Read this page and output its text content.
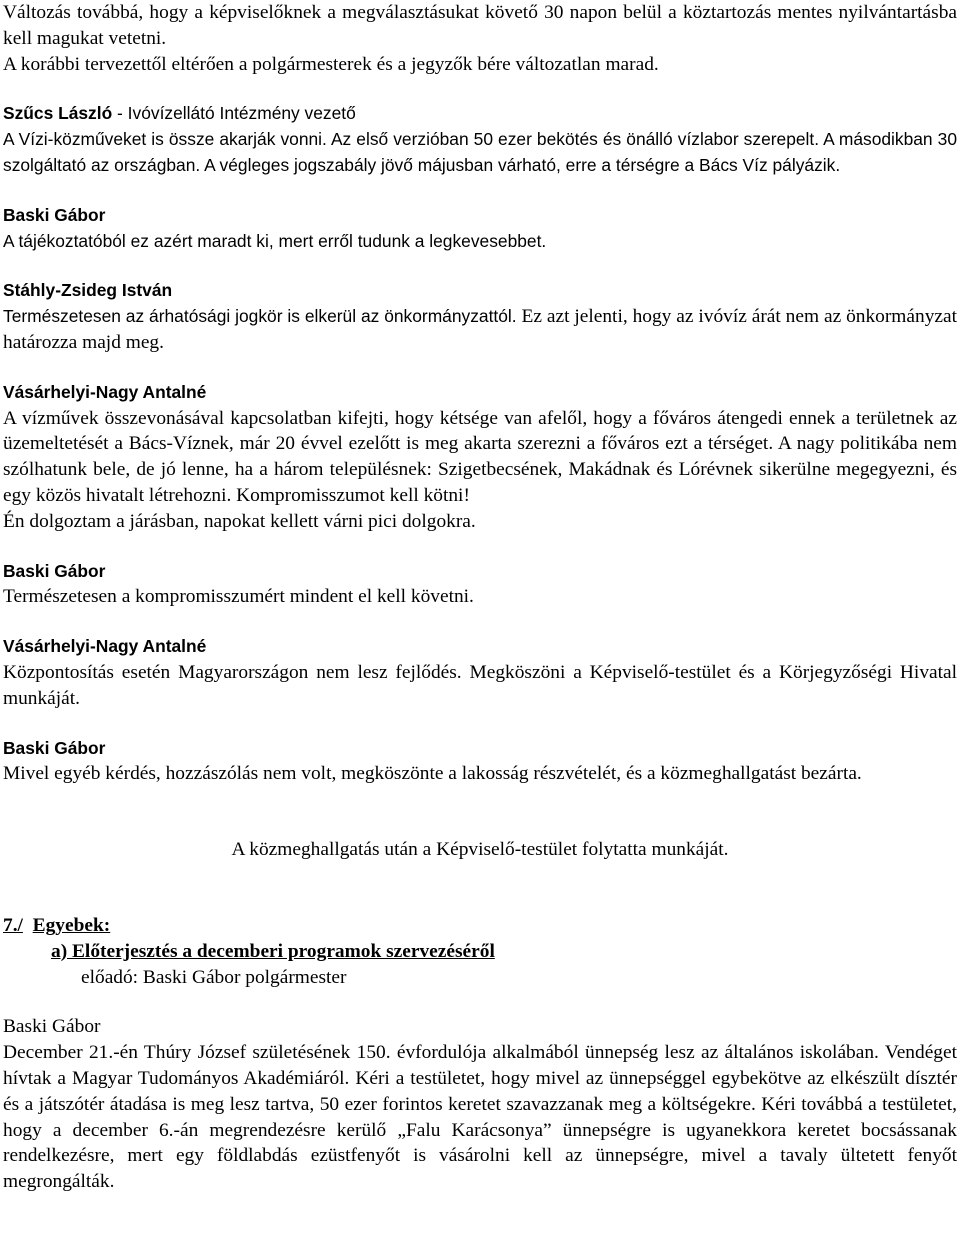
Változás továbbá, hogy a képviselőknek a megválasztásukat követő 30 napon belül a köztartozás mentes nyilvántartásba kell magukat vetetni.

A korábbi tervezettől eltérően a polgármesterek és a jegyzők bére változatlan marad.

Szűcs László - Ivóvízellátó Intézmény vezető

A Vízi-közműveket is össze akarják vonni. Az első verzióban 50 ezer bekötés és önálló vízlabor szerepelt. A másodikban 30 szolgáltató az országban. A végleges jogszabály jövő májusban várható, erre a térségre a Bács Víz pályázik.

Baski Gábor

A tájékoztatóból ez azért maradt ki, mert erről tudunk a legkevesebbet.

Stáhly-Zsideg István

Természetesen az árhatósági jogkör is elkerül az önkormányzattól. Ez azt jelenti, hogy az ivóvíz árát nem az önkormányzat határozza majd meg.

Vásárhelyi-Nagy Antalné

A vízművek összevonásával kapcsolatban kifejti, hogy kétsége van afelől, hogy a főváros átengedi ennek a területnek az üzemeltetését a Bács-Víznek, már 20 évvel ezelőtt is meg akarta szerezni a főváros ezt a térséget. A nagy politikába nem szólhatunk bele, de jó lenne, ha a három településnek: Szigetbecsének, Makádnak és Lórévnek sikerülne megegyezni, és egy közös hivatalt létrehozni. Kompromisszumot kell kötni!

Én dolgoztam a járásban, napokat kellett várni pici dolgokra.

Baski Gábor

Természetesen a kompromisszumért mindent el kell követni.

Vásárhelyi-Nagy Antalné

Központosítás esetén Magyarországon nem lesz fejlődés. Megköszöni a Képviselő-testület és a Körjegyzőségi Hivatal munkáját.

Baski Gábor

Mivel egyéb kérdés, hozzászólás nem volt, megköszönte a lakosság részvételét, és a közmeghallgatást bezárta.

A közmeghallgatás után a Képviselő-testület folytatta munkáját.

7./ Egyebek:

a) Előterjesztés a decemberi programok szervezéséről

előadó: Baski Gábor polgármester

Baski Gábor

December 21.-én Thúry József születésének 150. évfordulója alkalmából ünnepség lesz az általános iskolában. Vendéget hívtak a Magyar Tudományos Akadémiáról. Kéri a testületet, hogy mivel az ünnepséggel egybekötve az elkészült dísztér és a játszótér átadása is meg lesz tartva, 50 ezer forintos keretet szavazzanak meg a költségekre. Kéri továbbá a testületet, hogy a december 6.-án megrendezésre kerülő „Falu Karácsonya” ünnepségre is ugyanekkora keretet bocsássanak rendelkezésre, mert egy földlabdás ezüstfenyőt is vásárolni kell az ünnepségre, mivel a tavaly ültetett fenyőt megrongálták.
